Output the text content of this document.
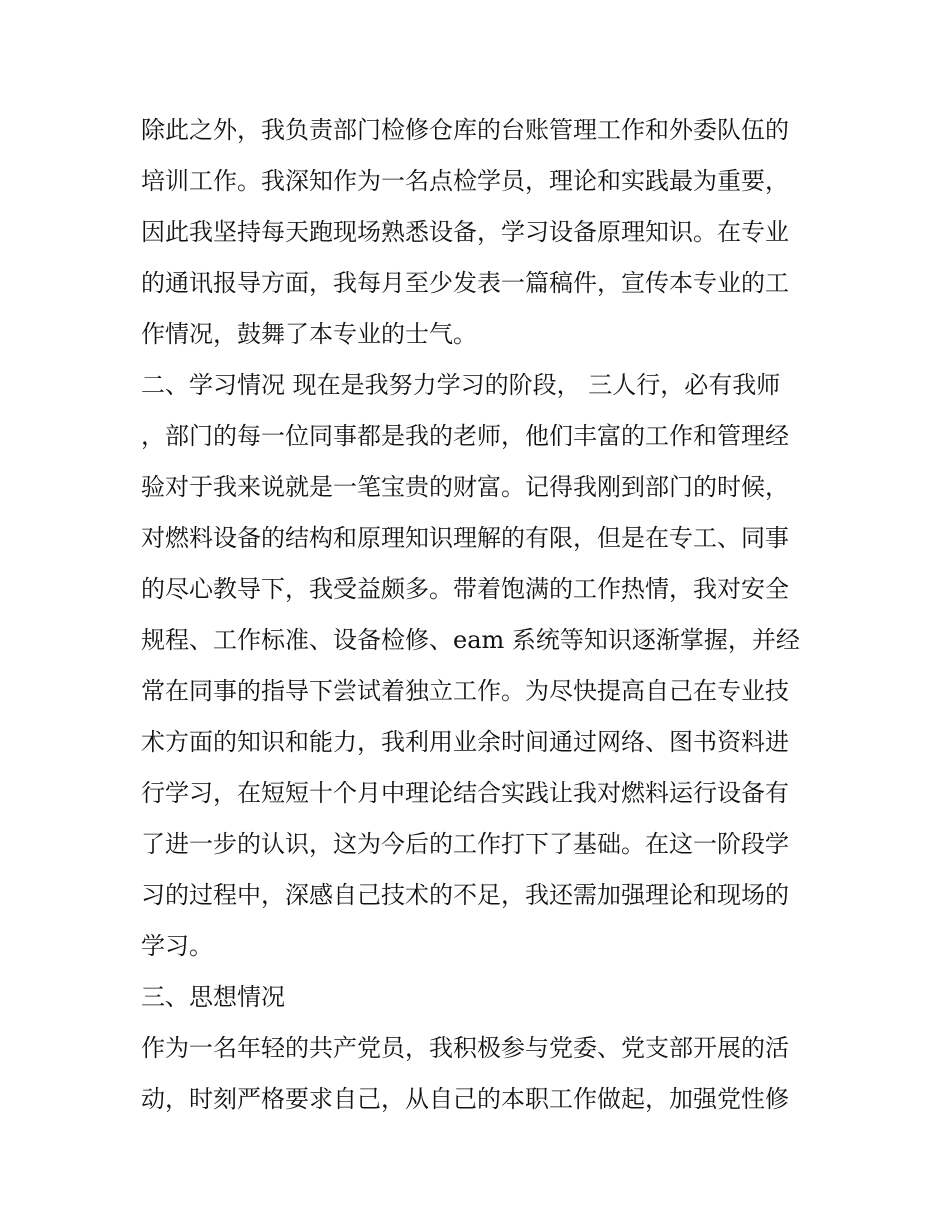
除此之外，我负责部门检修仓库的台账管理工作和外委队伍的
培训工作。我深知作为一名点检学员，理论和实践最为重要，
因此我坚持每天跑现场熟悉设备，学习设备原理知识。在专业
的通讯报导方面，我每月至少发表一篇稿件，宣传本专业的工
作情况，鼓舞了本专业的士气。
二、学习情况 现在是我努力学习的阶段， 三人行，必有我师
，部门的每一位同事都是我的老师，他们丰富的工作和管理经
验对于我来说就是一笔宝贵的财富。记得我刚到部门的时候，
对燃料设备的结构和原理知识理解的有限，但是在专工、同事
的尽心教导下，我受益颇多。带着饱满的工作热情，我对安全
规程、工作标准、设备检修、eam 系统等知识逐渐掌握，并经
常在同事的指导下尝试着独立工作。为尽快提高自己在专业技
术方面的知识和能力，我利用业余时间通过网络、图书资料进
行学习，在短短十个月中理论结合实践让我对燃料运行设备有
了进一步的认识，这为今后的工作打下了基础。在这一阶段学
习的过程中，深感自己技术的不足，我还需加强理论和现场的
学习。
三、思想情况
作为一名年轻的共产党员，我积极参与党委、党支部开展的活
动，时刻严格要求自己，从自己的本职工作做起，加强党性修
